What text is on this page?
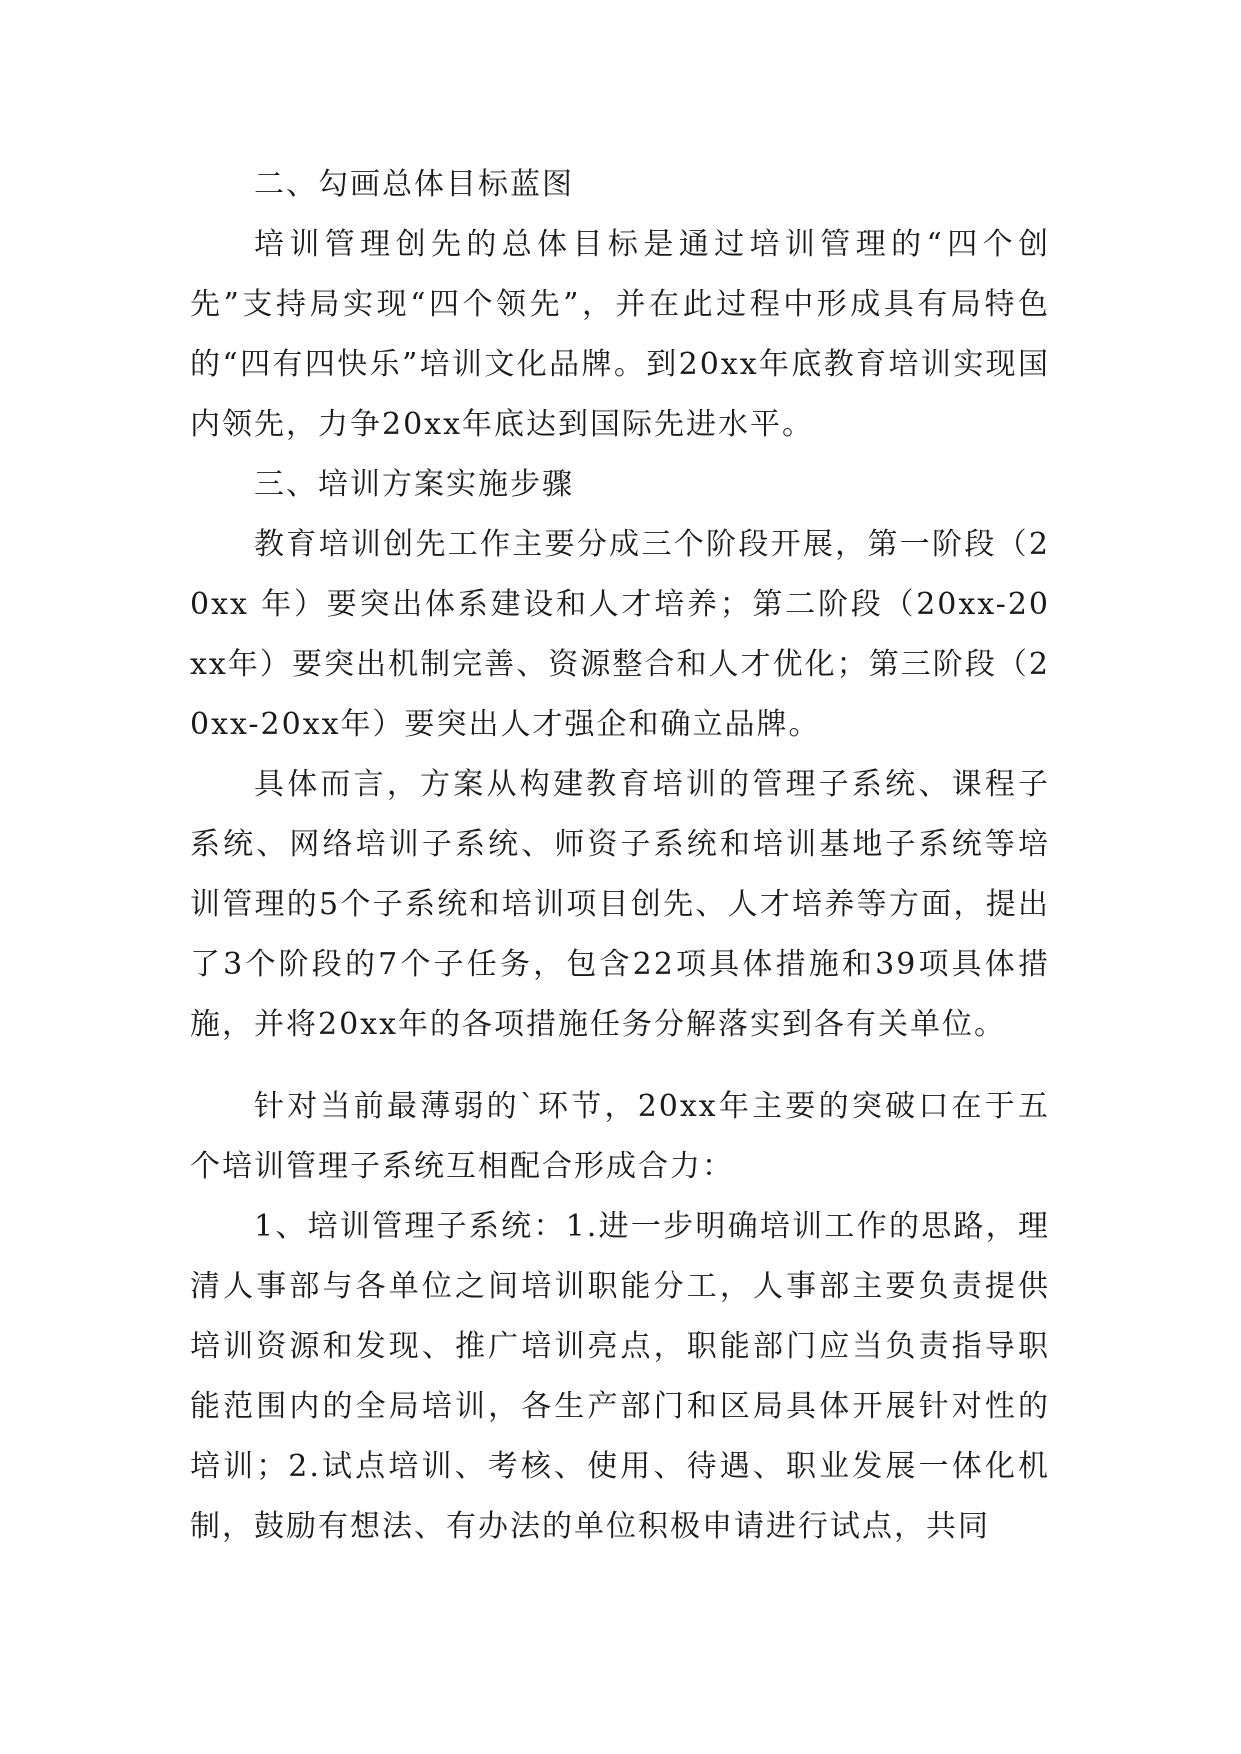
二、勾画总体目标蓝图

培训管理创先的总体目标是通过培训管理的“四个创先”支持局实现“四个领先”，并在此过程中形成具有局特色的“四有四快乐”培训文化品牌。到20xx年底教育培训实现国内领先，力争20xx年底达到国际先进水平。

三、培训方案实施步骤

教育培训创先工作主要分成三个阶段开展，第一阶段（20xx 年）要突出体系建设和人才培养；第二阶段（20xx-20xx年）要突出机制完善、资源整合和人才优化；第三阶段（20xx-20xx年）要突出人才强企和确立品牌。

具体而言，方案从构建教育培训的管理子系统、课程子系统、网络培训子系统、师资子系统和培训基地子系统等培训管理的5个子系统和培训项目创先、人才培养等方面，提出了3个阶段的7个子任务，包含22项具体措施和39项具体措施，并将20xx年的各项措施任务分解落实到各有关单位。

针对当前最薄弱的`环节，20xx年主要的突破口在于五个培训管理子系统互相配合形成合力：

1、培训管理子系统：1.进一步明确培训工作的思路，理清人事部与各单位之间培训职能分工，人事部主要负责提供培训资源和发现、推广培训亮点，职能部门应当负责指导职能范围内的全局培训，各生产部门和区局具体开展针对性的培训；2.试点培训、考核、使用、待遇、职业发展一体化机制，鼓励有想法、有办法的单位积极申请进行试点，共同
